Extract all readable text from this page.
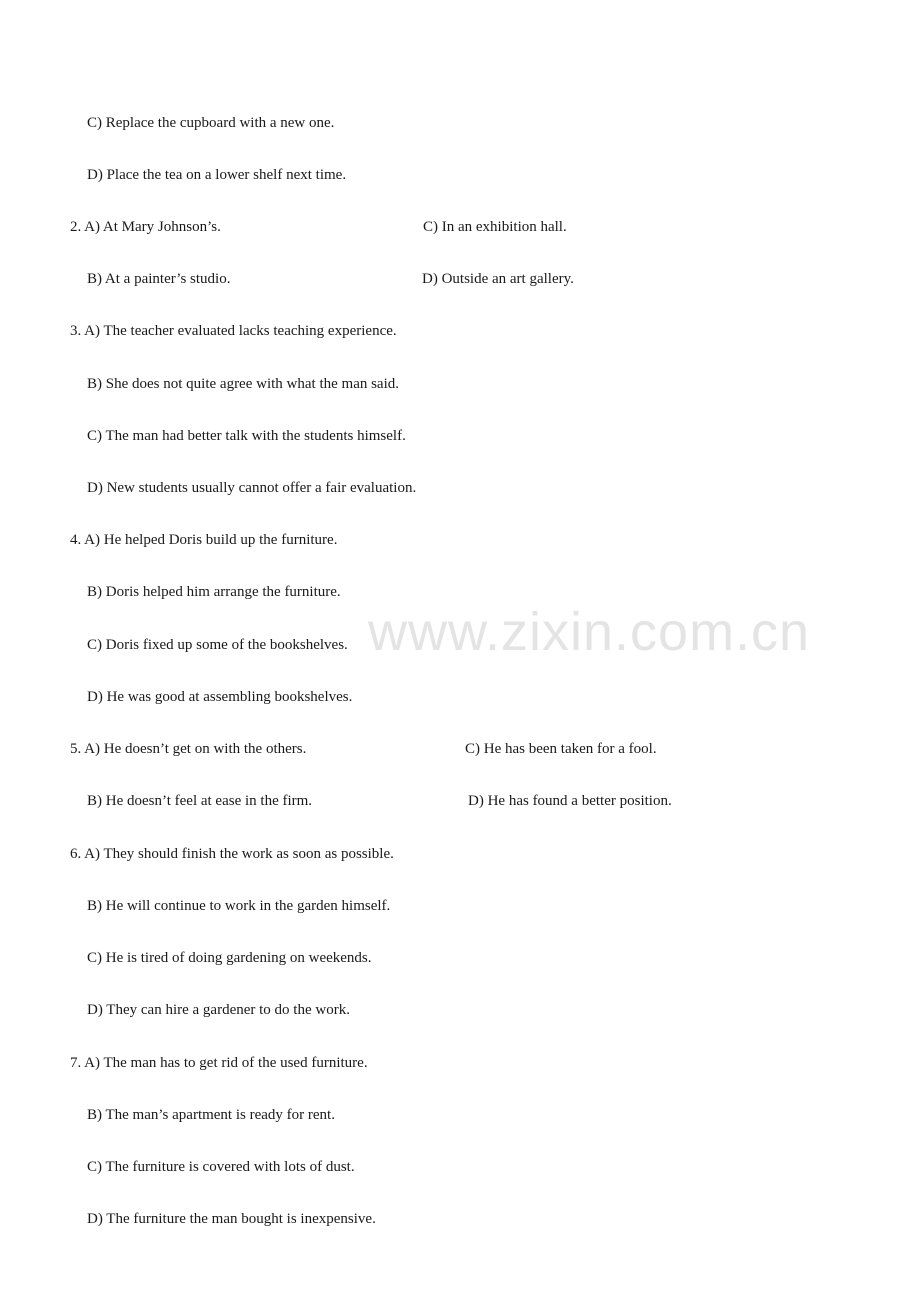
www.zixin.com.cn
C) Replace the cupboard with a new one.
D) Place the tea on a lower shelf next time.
2. A) At Mary Johnson’s.	C) In an exhibition hall.
B) At a painter’s studio.	D) Outside an art gallery.
3. A) The teacher evaluated lacks teaching experience.
B) She does not quite agree with what the man said.
C) The man had better talk with the students himself.
D) New students usually cannot offer a fair evaluation.
4. A) He helped Doris build up the furniture.
B) Doris helped him arrange the furniture.
C) Doris fixed up some of the bookshelves.
D) He was good at assembling bookshelves.
5. A) He doesn’t get on with the others.	C) He has been taken for a fool.
B) He doesn’t feel at ease in the firm.	D) He has found a better position.
6. A) They should finish the work as soon as possible.
B) He will continue to work in the garden himself.
C) He is tired of doing gardening on weekends.
D) They can hire a gardener to do the work.
7. A) The man has to get rid of the used furniture.
B) The man’s apartment is ready for rent.
C) The furniture is covered with lots of dust.
D) The furniture the man bought is inexpensive.
